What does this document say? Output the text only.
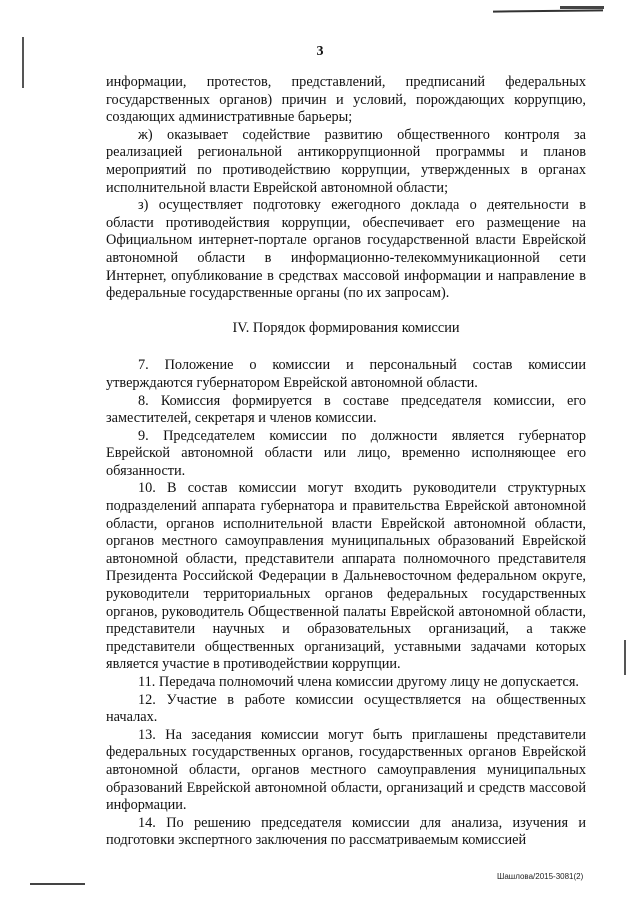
3

информации, протестов, представлений, предписаний федеральных государственных органов) причин и условий, порождающих коррупцию, создающих административные барьеры;

ж) оказывает содействие развитию общественного контроля за реализацией региональной антикоррупционной программы и планов мероприятий по противодействию коррупции, утвержденных в органах исполнительной власти Еврейской автономной области;

з) осуществляет подготовку ежегодного доклада о деятельности в области противодействия коррупции, обеспечивает его размещение на Официальном интернет-портале органов государственной власти Еврейской автономной области в информационно-телекоммуникационной сети Интернет, опубликование в средствах массовой информации и направление в федеральные государственные органы (по их запросам).

IV. Порядок формирования комиссии

7. Положение о комиссии и персональный состав комиссии утверждаются губернатором Еврейской автономной области.

8. Комиссия формируется в составе председателя комиссии, его заместителей, секретаря и членов комиссии.

9. Председателем комиссии по должности является губернатор Еврейской автономной области или лицо, временно исполняющее его обязанности.

10. В состав комиссии могут входить руководители структурных подразделений аппарата губернатора и правительства Еврейской автономной области, органов исполнительной власти Еврейской автономной области, органов местного самоуправления муниципальных образований Еврейской автономной области, представители аппарата полномочного представителя Президента Российской Федерации в Дальневосточном федеральном округе, руководители территориальных органов федеральных государственных органов, руководитель Общественной палаты Еврейской автономной области, представители научных и образовательных организаций, а также представители общественных организаций, уставными задачами которых является участие в противодействии коррупции.

11. Передача полномочий члена комиссии другому лицу не допускается.

12. Участие в работе комиссии осуществляется на общественных началах.

13. На заседания комиссии могут быть приглашены представители федеральных государственных органов, государственных органов Еврейской автономной области, органов местного самоуправления муниципальных образований Еврейской автономной области, организаций и средств массовой информации.

14. По решению председателя комиссии для анализа, изучения и подготовки экспертного заключения по рассматриваемым комиссией

Шашлова/2015-3081(2)
